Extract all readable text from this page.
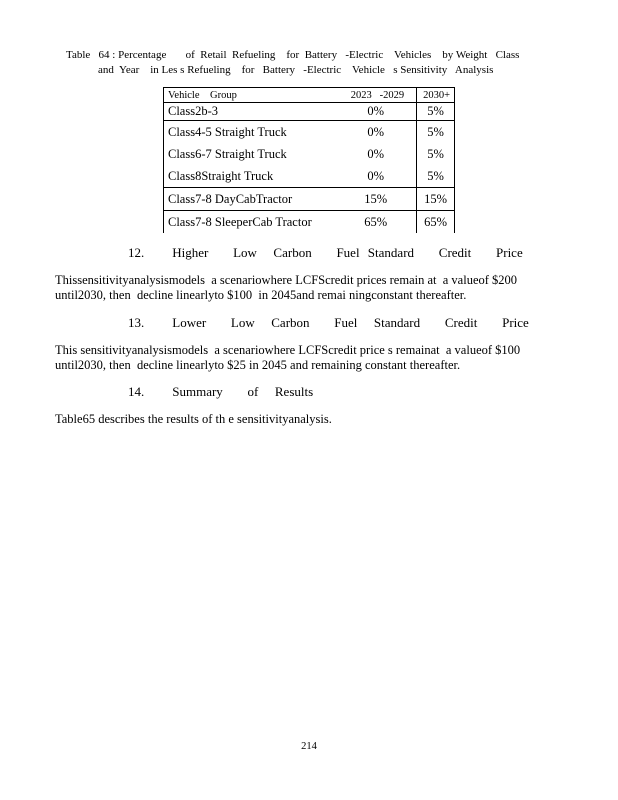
Table   64 : Percentage       of  Retail  Refueling    for  Battery   -Electric    Vehicles    by Weight   Class
and  Year    in Les s Refueling    for   Battery   -Electric    Vehicle   s Sensitivity   Analysis
Vehicle    Group	2023   -2029	2030+
Class2b-3	0%	5%
Class4-5 Straight Truck	0%	5%
Class6-7 Straight Truck	0%	5%
Class8Straight Truck	0%	5%
Class7-8 DayCabTractor	15%	15%
Class7-8 SleeperCab Tractor	65%	65%
12. Higher   Low  Carbon   Fuel Standard   Credit   Price
Thissensitivityanalysismodels  a scenariowhere LCFScredit prices remain at  a valueof $200
until2030, then  decline linearlyto $100  in 2045and remai ningconstant thereafter.
13. Lower   Low  Carbon   Fuel  Standard   Credit   Price
This sensitivityanalysismodels  a scenariowhere LCFScredit price s remainat  a valueof $100
until2030, then  decline linearlyto $25 in 2045 and remaining constant thereafter.
14. Summary   of  Results
Table65 describes the results of th e sensitivityanalysis.
214
